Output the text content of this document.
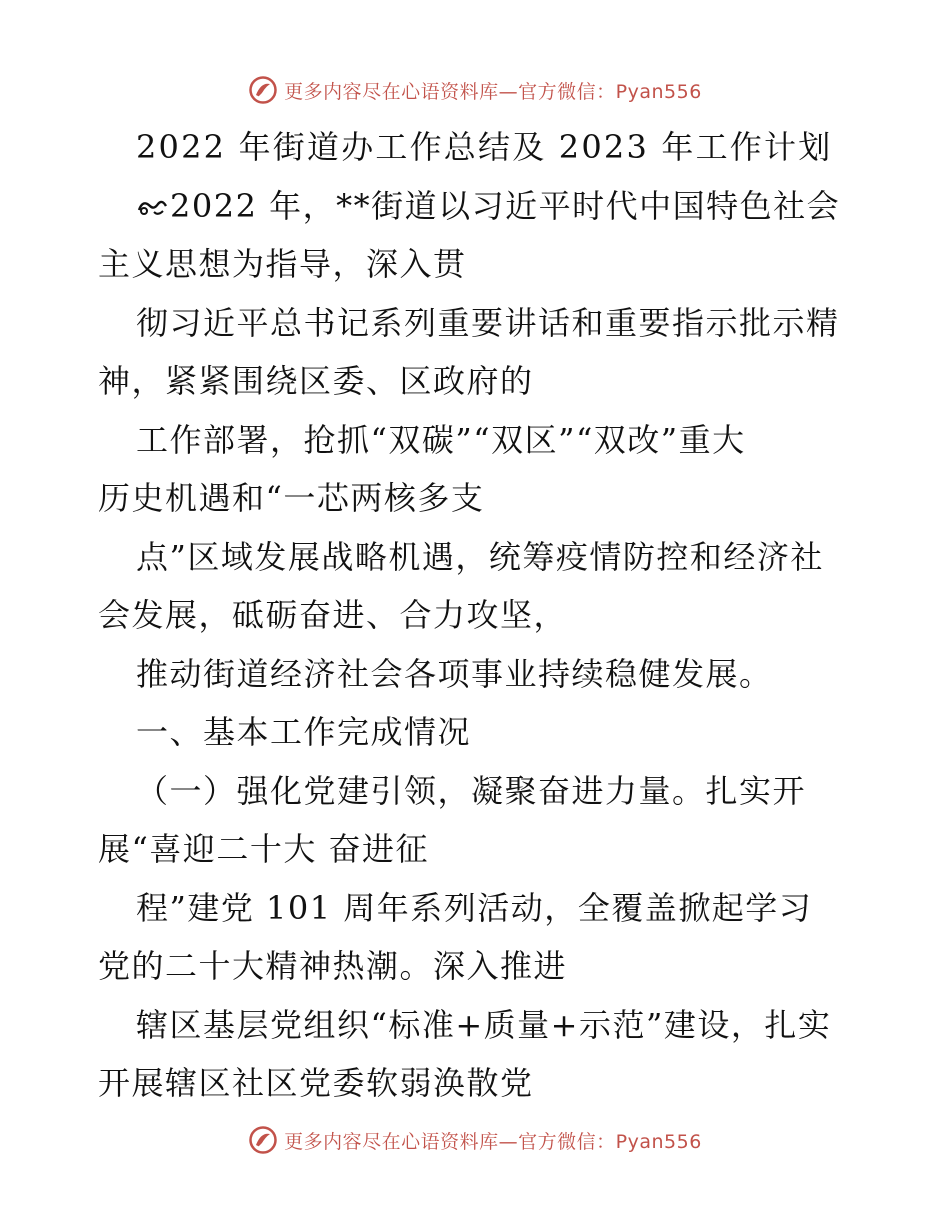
更多内容尽在心语资料库—官方微信：Pyan556
2022 年街道办工作总结及 2023 年工作计划
2022 年，**街道以习近平时代中国特色社会
主义思想为指导，深入贯
彻习近平总书记系列重要讲话和重要指示批示精
神，紧紧围绕区委、区政府的
工作部署，抢抓“双碳”“双区”“双改”重大
历史机遇和“一芯两核多支
点”区域发展战略机遇，统筹疫情防控和经济社
会发展，砥砺奋进、合力攻坚，
推动街道经济社会各项事业持续稳健发展。
一、基本工作完成情况
（一）强化党建引领，凝聚奋进力量。扎实开
展“喜迎二十大 奋进征
程”建党 101 周年系列活动，全覆盖掀起学习
党的二十大精神热潮。深入推进
辖区基层党组织“标准+质量+示范”建设，扎实
开展辖区社区党委软弱涣散党
更多内容尽在心语资料库—官方微信：Pyan556
